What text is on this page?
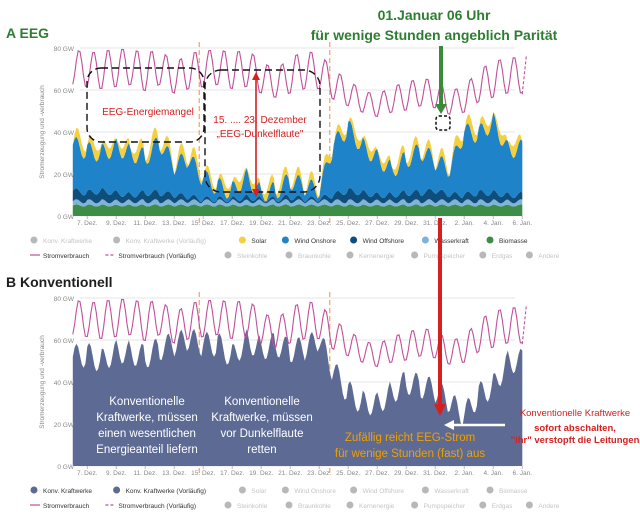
0 GW
20 GW
40 GW
60 GW
80 GW
Stromerzeugung und -verbrauch
7. Dez. 9. Dez. 11. Dez. 13. Dez. 15. Dez. 17. Dez. 19. Dez. 21. Dez. 23. Dez. 25. Dez. 27. Dez. 29. Dez. 31. Dez. 2. Jan. 4. Jan. 6. Jan.
0 GW
20 GW
40 GW
60 GW
80 GW
Stromerzeugung und -verbrauch
7. Dez. 9. Dez. 11. Dez. 13. Dez. 15. Dez. 17. Dez. 19. Dez. 21. Dez. 23. Dez. 25. Dez. 27. Dez. 29. Dez. 31. Dez. 2. Jan. 4. Jan. 6. Jan.
Konv. Kraftwerke	Konv. Kraftwerke (Vorläufig)	Solar	Wind Onshore	Wind Offshore	Wasserkraft	Biomasse
Stromverbrauch	Stromverbrauch (Vorläufig)	Steinkohle	Braunkohle	Kernenergie	Pumpspeicher	Erdgas	Andere
Konv. Kraftwerke	Konv. Kraftwerke (Vorläufig)	Solar	Wind Onshore	Wind Offshore	Wasserkraft	Biomasse
Stromverbrauch	Stromverbrauch (Vorläufig)	Steinkohle	Braunkohle	Kernenergie	Pumpspeicher	Erdgas	Andere
A EEG
B Konventionell
01.Januar 06 Uhr
für wenige Stunden angeblich Parität
EEG-Energiemangel
15. .... 23. Dezember
„EEG-Dunkelflaute"
Konventionelle
Kraftwerke, müssen
einen wesentlichen
Energieanteil liefern
Konventionelle
Kraftwerke, müssen
vor Dunkelflaute
retten
Zufällig reicht EEG-Strom
für wenige Stunden (fast) aus
Konventionelle Kraftwerke
sofort abschalten,
"ihr" verstopft die Leitungen
